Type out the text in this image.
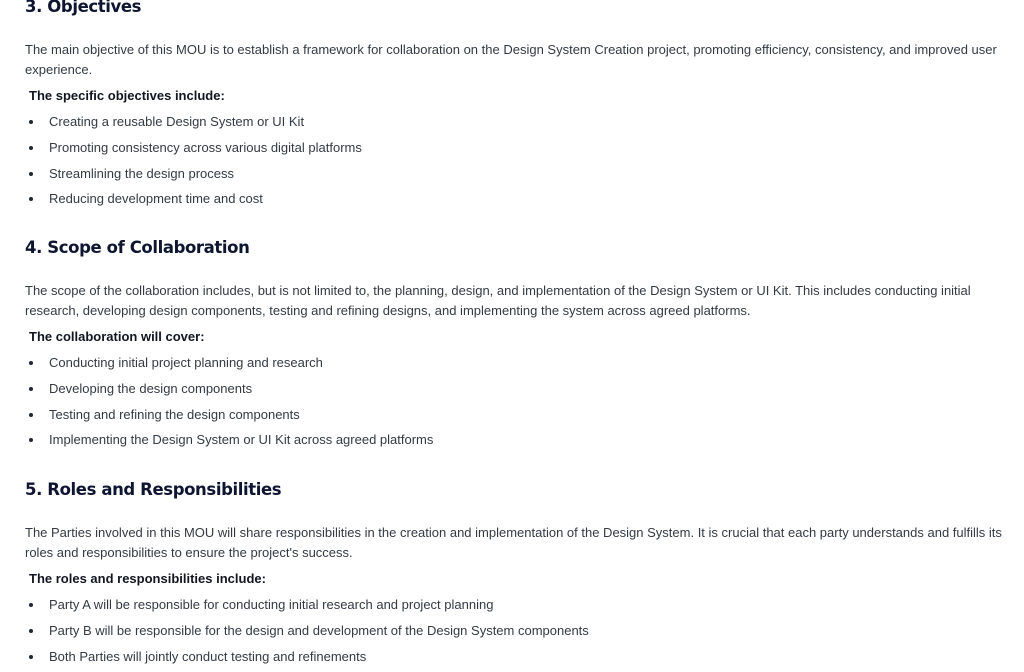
3. Objectives

The main objective of this MOU is to establish a framework for collaboration on the Design System Creation project, promoting efficiency, consistency, and improved user experience.

The specific objectives include:
Creating a reusable Design System or UI Kit
Promoting consistency across various digital platforms
Streamlining the design process
Reducing development time and cost
4. Scope of Collaboration

The scope of the collaboration includes, but is not limited to, the planning, design, and implementation of the Design System or UI Kit. This includes conducting initial research, developing design components, testing and refining designs, and implementing the system across agreed platforms.

The collaboration will cover:
Conducting initial project planning and research
Developing the design components
Testing and refining the design components
Implementing the Design System or UI Kit across agreed platforms
5. Roles and Responsibilities

The Parties involved in this MOU will share responsibilities in the creation and implementation of the Design System. It is crucial that each party understands and fulfills its roles and responsibilities to ensure the project's success.

The roles and responsibilities include:
Party A will be responsible for conducting initial research and project planning
Party B will be responsible for the design and development of the Design System components
Both Parties will jointly conduct testing and refinements
